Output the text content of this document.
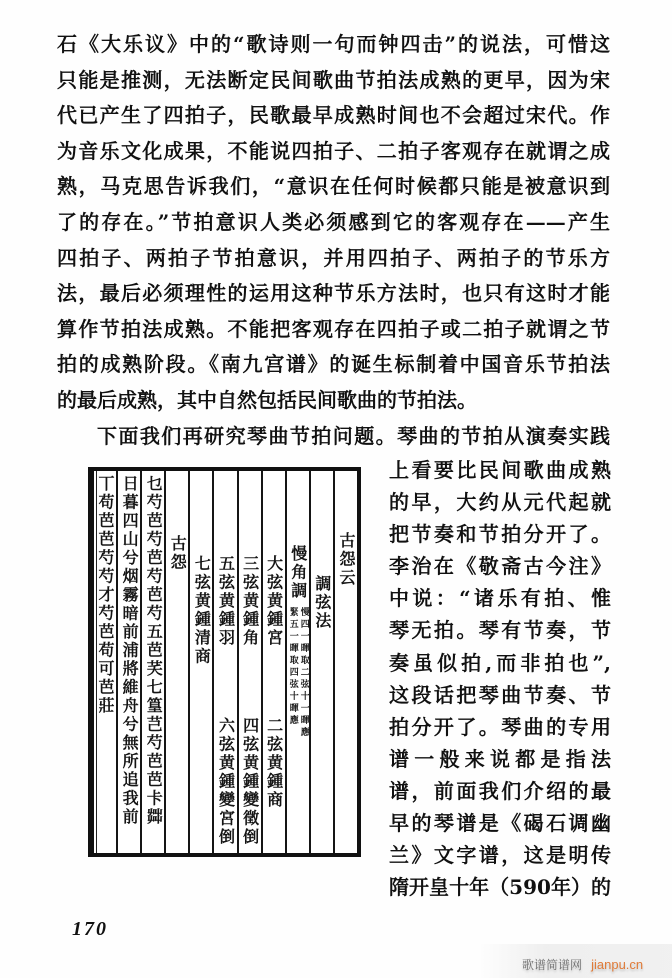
石《大乐议》中的“歌诗则一句而钟四击”的说法，可惜这
只能是推测，无法断定民间歌曲节拍法成熟的更早，因为宋
代已产生了四拍子，民歌最早成熟时间也不会超过宋代。作
为音乐文化成果，不能说四拍子、二拍子客观存在就谓之成
熟，马克思告诉我们，“意识在任何时候都只能是被意识到
了的存在。”节拍意识人类必须感到它的客观存在——产生
四拍子、两拍子节拍意识，并用四拍子、两拍子的节乐方
法，最后必须理性的运用这种节乐方法时，也只有这时才能
算作节拍法成熟。不能把客观存在四拍子或二拍子就谓之节
拍的成熟阶段。《南九宫谱》的诞生标制着中国音乐节拍法
的最后成熟，其中自然包括民间歌曲的节拍法。
下面我们再研究琴曲节拍问题。琴曲的节拍从演奏实践
古怨云
調弦法
慢角調
慢四一暉取二弦十一暉應
緊五一暉取四弦十暉應
大弦黄鍾宮
二弦黄鍾商
三弦黄鍾角
四弦黄鍾變徵倒
五弦黄鍾羽
六弦黄鍾變宮倒
七弦黄鍾清商
古怨
乜芍芭芍芭芍芭芍五芭芺七篁芑芍芭芭卡茻
日暮四山兮烟霧暗前浦將維舟兮無所追我前
丅苟芭芭芍芍才芍芭苟可芭莊
上看要比民间歌曲成熟
的早，大约从元代起就
把节奏和节拍分开了。
李治在《敬斋古今注》
中说：“诸乐有拍、惟
琴无拍。琴有节奏，节
奏虽似拍,而非拍也”,
这段话把琴曲节奏、节
拍分开了。琴曲的专用
谱一般来说都是指法
谱，前面我们介绍的最
早的琴谱是《碣石调幽
兰》文字谱，这是明传
隋开皇十年（590年）的
170
歌谱简谱网 jianpu.cn
